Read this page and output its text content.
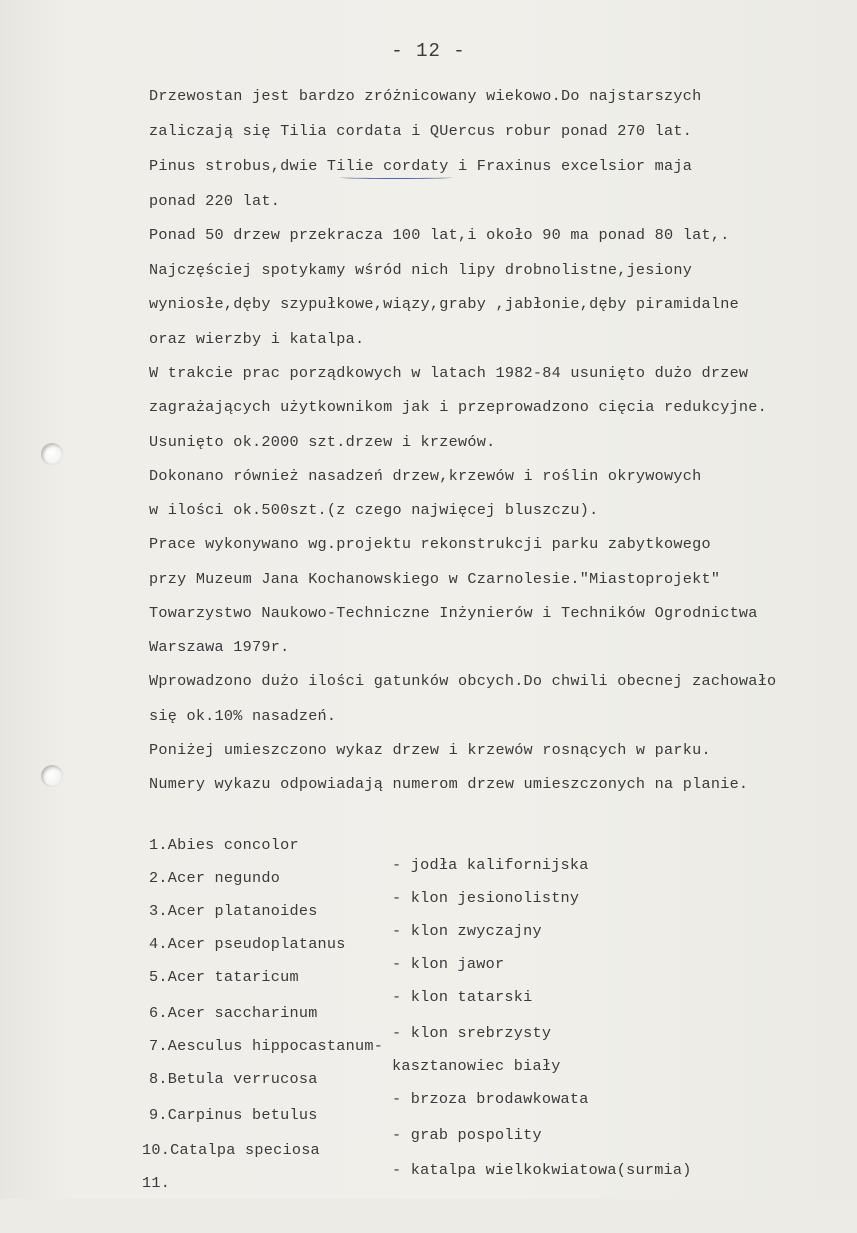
- 12 -
Drzewostan jest bardzo zróżnicowany wiekowo.Do najstarszych
zaliczają się Tilia cordata i QUercus robur ponad 270 lat.
Pinus strobus,dwie Tilie cordaty i Fraxinus excelsior maja
ponad 220 lat.
Ponad 50 drzew przekracza 100 lat,i około 90 ma ponad 80 lat,.
Najczęściej spotykamy wśród nich lipy drobnolistne,jesiony
wyniosłe,dęby szypułkowe,wiązy,graby ,jabłonie,dęby piramidalne
oraz wierzby i katalpa.
W trakcie prac porządkowych w latach 1982-84 usunięto dużo drzew
zagrażających użytkownikom jak i przeprowadzono cięcia redukcyjne.
Usunięto ok.2000 szt.drzew i krzewów.
Dokonano również nasadzeń drzew,krzewów i roślin okrywowych
w ilości ok.500szt.(z czego najwięcej bluszczu).
Prace wykonywano wg.projektu rekonstrukcji parku zabytkowego
przy Muzeum Jana Kochanowskiego w Czarnolesie."Miastoprojekt"
Towarzystwo Naukowo-Techniczne Inżynierów i Techników Ogrodnictwa
Warszawa 1979r.
Wprowadzono dużo ilości gatunków obcych.Do chwili obecnej zachowało
się ok.10% nasadzeń.
Poniżej umieszczono wykaz drzew i krzewów rosnących w parku.
Numery wykazu odpowiadają numerom drzew umieszczonych na planie.

1.Abies concolor

- jodła kalifornijska

2.Acer negundo

- klon jesionolistny

3.Acer platanoides

- klon zwyczajny

4.Acer pseudoplatanus

- klon jawor

5.Acer tataricum

- klon tatarski

6.Acer saccharinum

- klon srebrzysty

7.Aesculus hippocastanum-

kasztanowiec biały

8.Betula verrucosa

- brzoza brodawkowata

9.Carpinus betulus

- grab pospolity

10.Catalpa speciosa

- katalpa wielkokwiatowa(surmia)

11.
